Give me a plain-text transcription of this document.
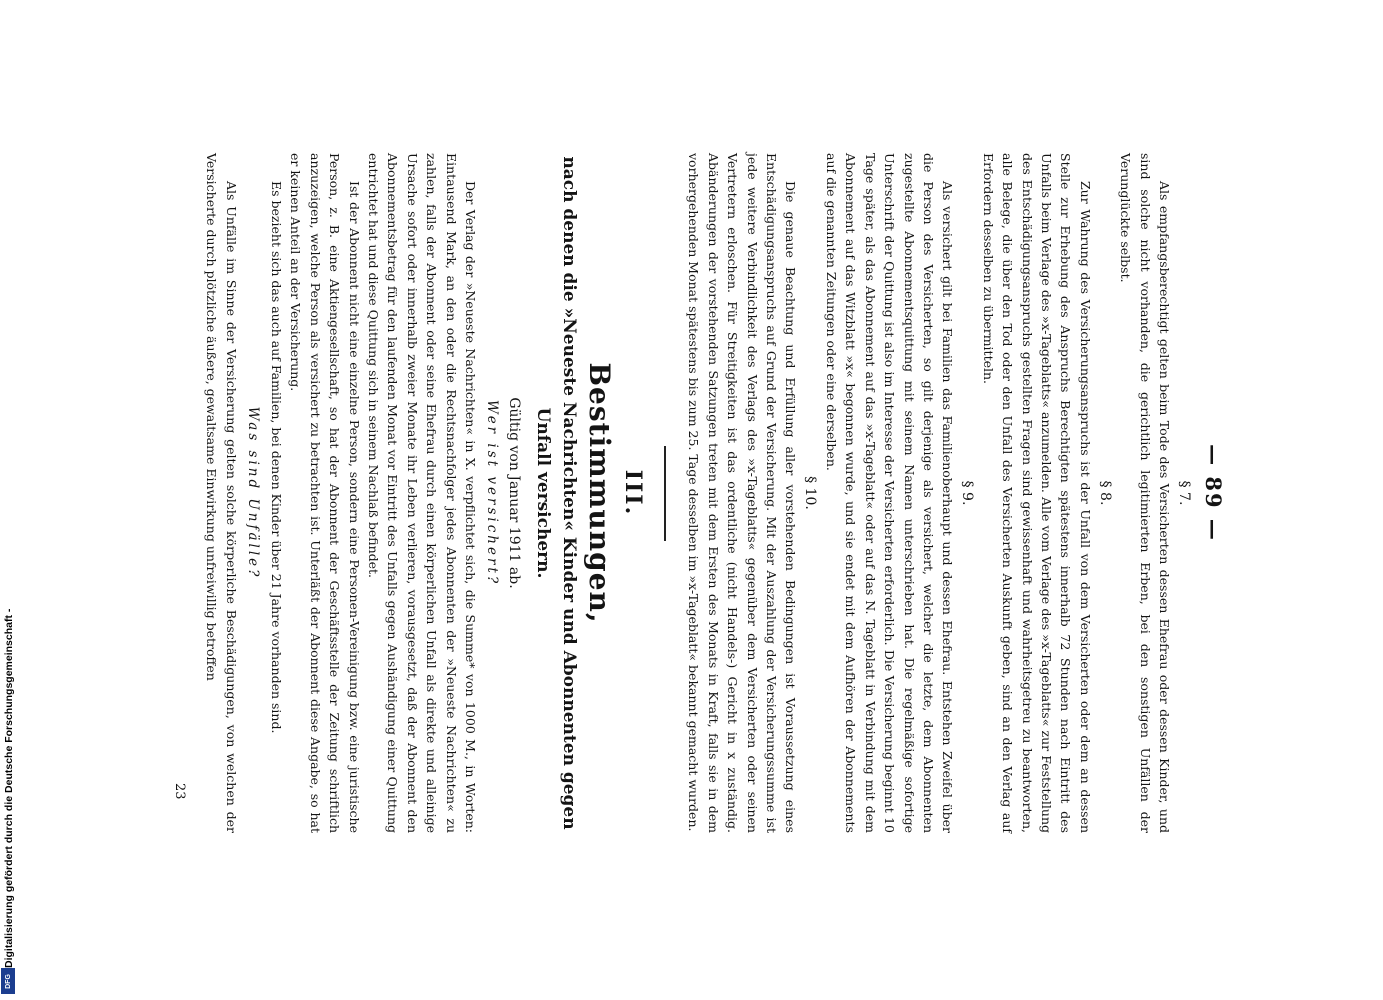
— 89 —
§ 7.

Als empfangsberechtigt gelten beim Tode des Versicherten dessen Ehefrau oder dessen Kinder, und sind solche nicht vorhanden, die gerichtlich legitimierten Erben, bei den sonstigen Unfällen der Verunglückte selbst.

§ 8.

Zur Wahrung des Versicherungsanspruchs ist der Unfall von dem Versicherten oder dem an dessen Stelle zur Erhebung des Anspruchs Berechtigten spätestens innerhalb 72 Stunden nach Eintritt des Unfalls beim Verlage des »x-Tageblatts« anzumelden. Alle vom Verlage des »x-Tageblatts« zur Feststellung des Entschädigungsanspruchs gestellten Fragen sind gewissenhaft und wahrheitsgetreu zu beantworten, alle Belege, die über den Tod oder den Unfall des Versicherten Auskunft geben, sind an den Verlag auf Erfordern desselben zu übermitteln.

§ 9.

Als versichert gilt bei Familien das Familienoberhaupt und dessen Ehefrau. Entstehen Zweifel über die Person des Versicherten, so gilt derjenige als versichert, welcher die letzte, dem Abonnenten zugestellte Abonnementsquittung mit seinem Namen unterschrieben hat. Die regelmäßige sofortige Unterschrift der Quittung ist also im Interesse der Versicherten erforderlich. Die Versicherung beginnt 10 Tage später, als das Abonnement auf das »x-Tageblatt« oder auf das N. Tageblatt in Verbindung mit dem Abonnement auf das Witzblatt »x« begonnen wurde, und sie endet mit dem Aufhören der Abonnements auf die genannten Zeitungen oder eine derselben.

§ 10.

Die genaue Beachtung und Erfüllung aller vorstehenden Bedingungen ist Voraussetzung eines Entschädigungsanspruchs auf Grund der Versicherung. Mit der Auszahlung der Versicherungssumme ist jede weitere Verbindlichkeit des Verlags des »x-Tageblatts« gegenüber dem Versicherten oder seinen Vertretern erloschen. Für Streitigkeiten ist das ordentliche (nicht Handels-) Gericht in x zuständig. Abänderungen der vorstehenden Satzungen treten mit dem Ersten des Monats in Kraft, falls sie in dem vorhergehenden Monat spätestens bis zum 25. Tage desselben im »x-Tageblatt« bekannt gemacht wurden.

III.

Bestimmungen,
nach denen die »Neueste Nachrichten« Kinder und Abonnenten gegen Unfall versichern.

Gültig von Januar 1911 ab.
Wer ist versichert?

Der Verlag der »Neueste Nachrichten« in X. verpflichtet sich, die Summe* von 1000 M., in Worten: Eintausend Mark, an den oder die Rechtsnachfolger jedes Abonnenten der »Neueste Nachrichten« zu zahlen, falls der Abonnent oder seine Ehefrau durch einen körperlichen Unfall als direkte und alleinige Ursache sofort oder innerhalb zweier Monate ihr Leben verlieren, vorausgesetzt, daß der Abonnent den Abonnementsbetrag für den laufenden Monat vor Eintritt des Unfalls gegen Aushändigung einer Quittung entrichtet hat und diese Quittung sich in seinem Nachlaß befindet.

Ist der Abonnent nicht eine einzelne Person, sondern eine Personen-Vereinigung bzw. eine juristische Person, z. B. eine Aktiengesellschaft, so hat der Abonnent der Geschäftsstelle der Zeitung schriftlich anzuzeigen, welche Person als versichert zu betrachten ist. Unterläßt der Abonnent diese Angabe, so hat er keinen Anteil an der Versicherung.

Es bezieht sich das auch auf Familien, bei denen Kinder über 21 Jahre vorhanden sind.

Was sind Unfälle?

Als Unfälle im Sinne der Versicherung gelten solche körperliche Beschädigungen, von welchen der Versicherte durch plötzliche äußere, gewaltsame Einwirkung unfreiwillig betroffen

23
Digitalisierung gefördert durch die Deutsche Forschungsgemeinschaft -
DFG
